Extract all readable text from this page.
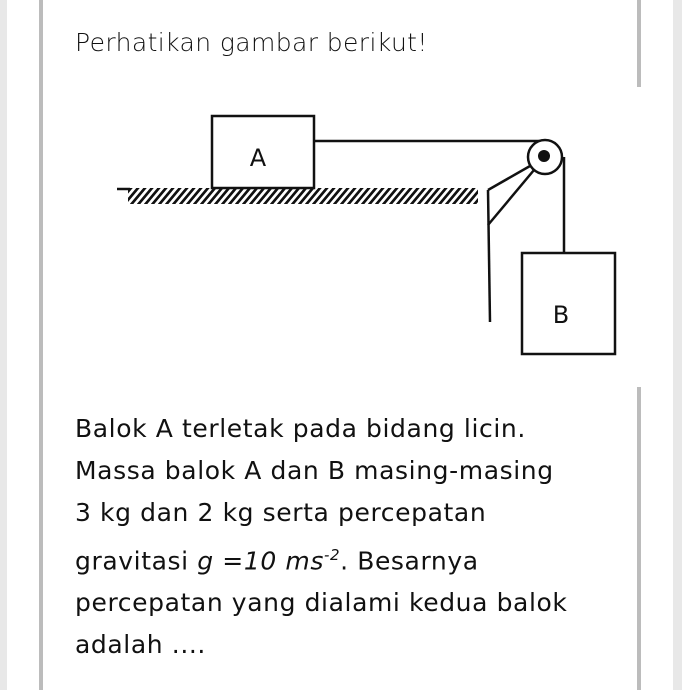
Perhatikan gambar berikut!
A
B
Balok A terletak pada bidang licin.
Massa balok A dan B masing-masing
3 kg dan 2 kg serta percepatan
gravitasi g =10 $ms^{-2}$. Besarnya
percepatan yang dialami kedua balok
adalah ....
